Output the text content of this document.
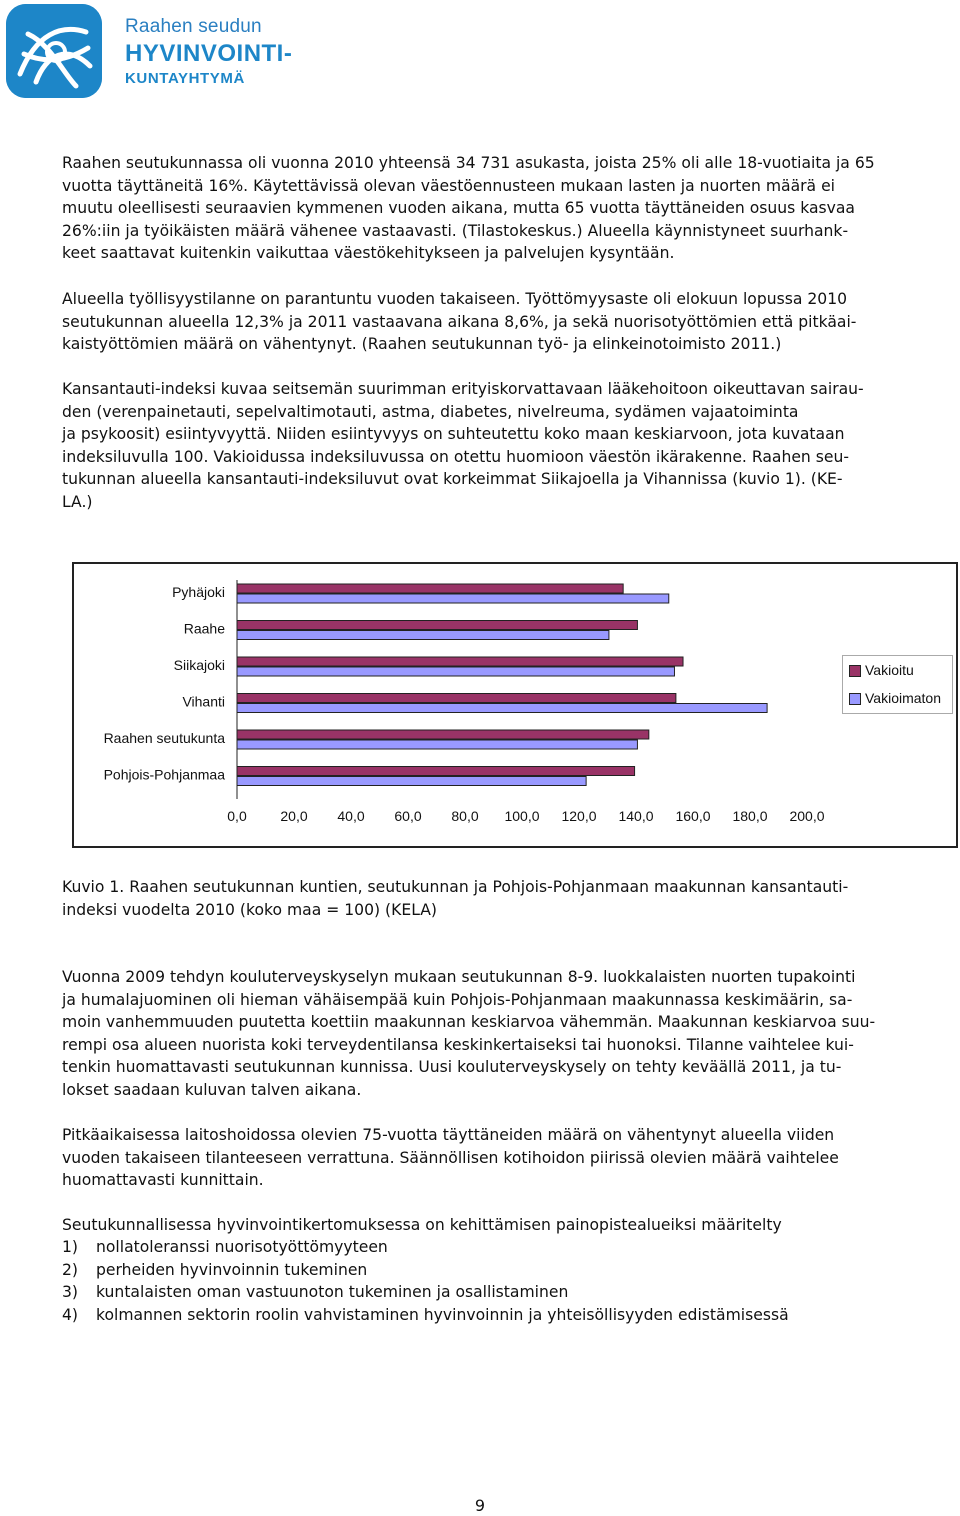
Raahen seudun
HYVINVOINTI-
KUNTAYHTYMÄ

Raahen seutukunnassa oli vuonna 2010 yhteensä 34 731 asukasta, joista 25% oli alle 18-vuotiaita ja 65
vuotta täyttäneitä 16%. Käytettävissä olevan väestöennusteen mukaan lasten ja nuorten määrä ei
muutu oleellisesti seuraavien kymmenen vuoden aikana, mutta 65 vuotta täyttäneiden osuus kasvaa
26%:iin ja työikäisten määrä vähenee vastaavasti. (Tilastokeskus.) Alueella käynnistyneet suurhank-
keet saattavat kuitenkin vaikuttaa väestökehitykseen ja palvelujen kysyntään.

Alueella työllisyystilanne on parantuntu vuoden takaiseen. Työttömyysaste oli elokuun lopussa 2010
seutukunnan alueella 12,3% ja 2011 vastaavana aikana 8,6%, ja sekä nuorisotyöttömien että pitkäai-
kaistyöttömien määrä on vähentynyt. (Raahen seutukunnan työ- ja elinkeinotoimisto 2011.)

Kansantauti-indeksi kuvaa seitsemän suurimman erityiskorvattavaan lääkehoitoon oikeuttavan sairau-
den (verenpainetauti, sepelvaltimotauti, astma, diabetes, nivelreuma, sydämen vajaatoiminta
ja psykoosit) esiintyvyyttä. Niiden esiintyvyys on suhteutettu koko maan keskiarvoon, jota kuvataan
indeksiluvulla 100. Vakioidussa indeksiluvussa on otettu huomioon väestön ikärakenne. Raahen seu-
tukunnan alueella kansantauti-indeksiluvut ovat korkeimmat Siikajoella ja Vihannissa (kuvio 1). (KE-
LA.)

Pyhäjoki
Raahe
Siikajoki
Vihanti
Raahen seutukunta
Pohjois-Pohjanmaa
0,0 20,0 40,0 60,0 80,0 100,0 120,0 140,0 160,0 180,0 200,0
Vakioitu
Vakioimaton

Kuvio 1. Raahen seutukunnan kuntien, seutukunnan ja Pohjois-Pohjanmaan maakunnan kansantauti-
indeksi vuodelta 2010 (koko maa = 100) (KELA)

Vuonna 2009 tehdyn kouluterveyskyselyn mukaan seutukunnan 8-9. luokkalaisten nuorten tupakointi
ja humalajuominen oli hieman vähäisempää kuin Pohjois-Pohjanmaan maakunnassa keskimäärin, sa-
moin vanhemmuuden puutetta koettiin maakunnan keskiarvoa vähemmän. Maakunnan keskiarvoa suu-
rempi osa alueen nuorista koki terveydentilansa keskinkertaiseksi tai huonoksi. Tilanne vaihtelee kui-
tenkin huomattavasti seutukunnan kunnissa. Uusi kouluterveyskysely on tehty keväällä 2011, ja tu-
lokset saadaan kuluvan talven aikana.

Pitkäaikaisessa laitoshoidossa olevien 75-vuotta täyttäneiden määrä on vähentynyt alueella viiden
vuoden takaiseen tilanteeseen verrattuna. Säännöllisen kotihoidon piirissä olevien määrä vaihtelee
huomattavasti kunnittain.

Seutukunnallisessa hyvinvointikertomuksessa on kehittämisen painopistealueiksi määritelty

1) nollatoleranssi nuorisotyöttömyyteen
2) perheiden hyvinvoinnin tukeminen
3) kuntalaisten oman vastuunoton tukeminen ja osallistaminen
4) kolmannen sektorin roolin vahvistaminen hyvinvoinnin ja yhteisöllisyyden edistämisessä
9
